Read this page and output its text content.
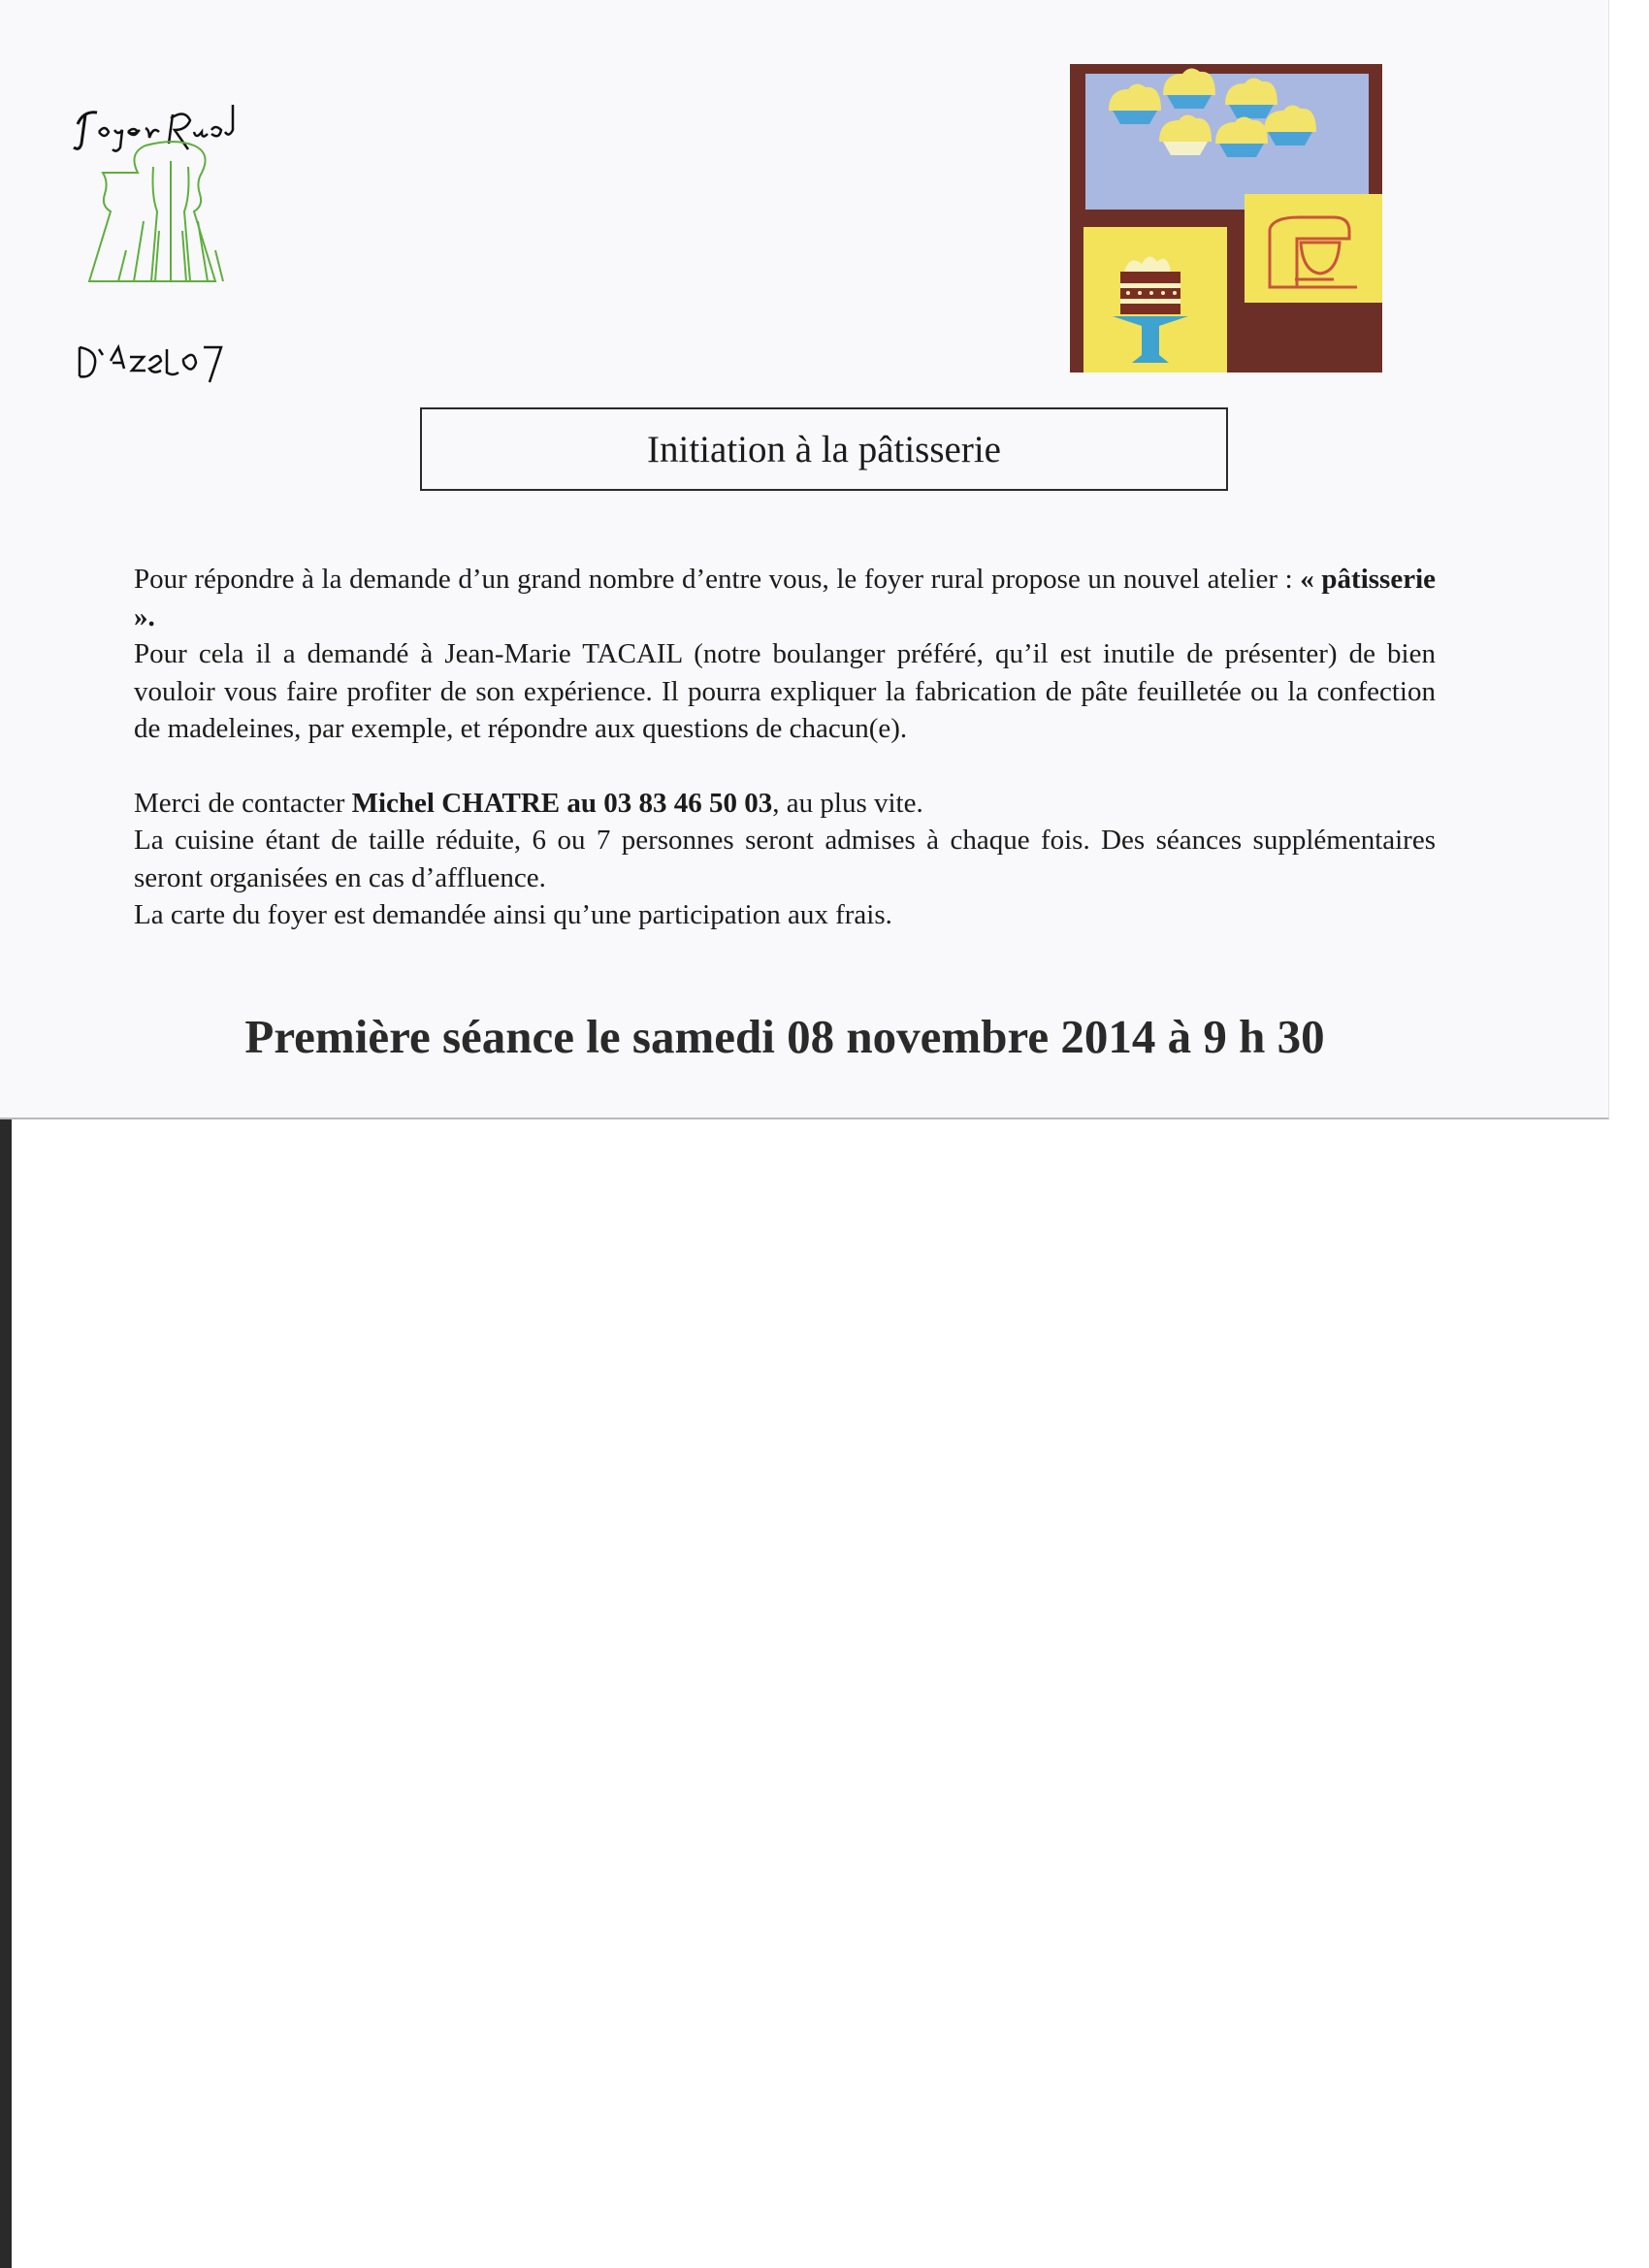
Initiation à la pâtisserie

Pour répondre à la demande d’un grand nombre d’entre vous, le foyer rural propose un nouvel atelier : « pâtisserie ».

Pour cela il a demandé à Jean-Marie TACAIL (notre boulanger préféré, qu’il est inutile de présenter) de bien vouloir vous faire profiter de son expérience. Il pourra expliquer la fabrication de pâte feuilletée ou la confection de madeleines, par exemple, et répondre aux questions de chacun(e).

Merci de contacter Michel CHATRE au 03 83 46 50 03, au plus vite.

La cuisine étant de taille réduite, 6 ou 7 personnes seront admises à chaque fois. Des séances supplémentaires seront organisées en cas d’affluence.

La carte du foyer est demandée ainsi qu’une participation aux frais.

Première séance le samedi 08 novembre 2014 à 9 h 30
